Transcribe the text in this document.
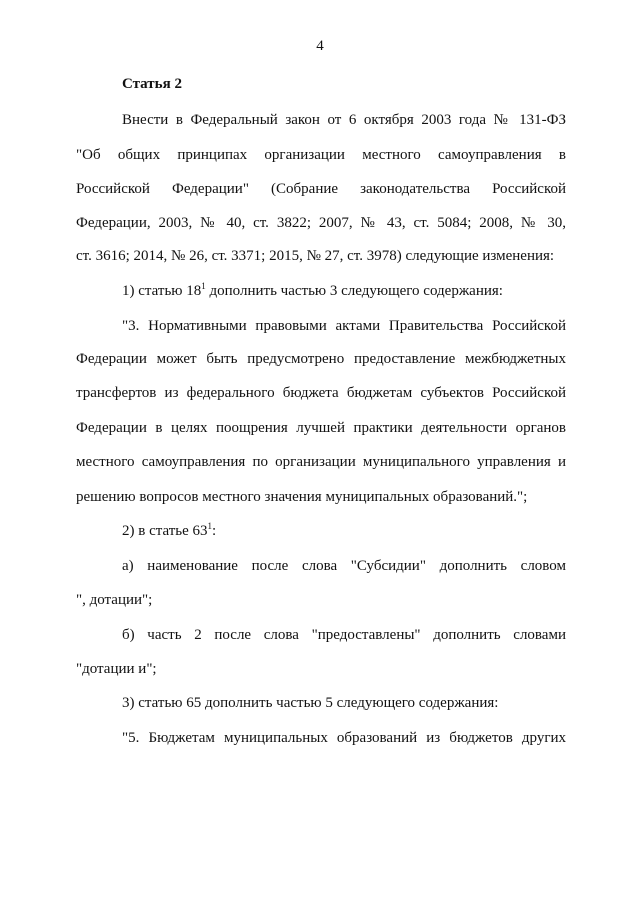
4
Статья 2
Внести в Федеральный закон от 6 октября 2003 года № 131-ФЗ
"Об общих принципах организации местного самоуправления в
Российской Федерации" (Собрание законодательства Российской
Федерации, 2003, № 40, ст. 3822; 2007, № 43, ст. 5084; 2008, № 30,
ст. 3616; 2014, № 26, ст. 3371; 2015, № 27, ст. 3978) следующие изменения:
1) статью $18^1$ дополнить частью 3 следующего содержания:
"3. Нормативными правовыми актами Правительства Российской
Федерации может быть предусмотрено предоставление межбюджетных
трансфертов из федерального бюджета бюджетам субъектов Российской
Федерации в целях поощрения лучшей практики деятельности органов
местного самоуправления по организации муниципального управления и
решению вопросов местного значения муниципальных образований.";
2) в статье $63^1$:
а) наименование после слова "Субсидии" дополнить словом
", дотации";
б) часть 2 после слова "предоставлены" дополнить словами
"дотации и";
3) статью 65 дополнить частью 5 следующего содержания:
"5. Бюджетам муниципальных образований из бюджетов других
